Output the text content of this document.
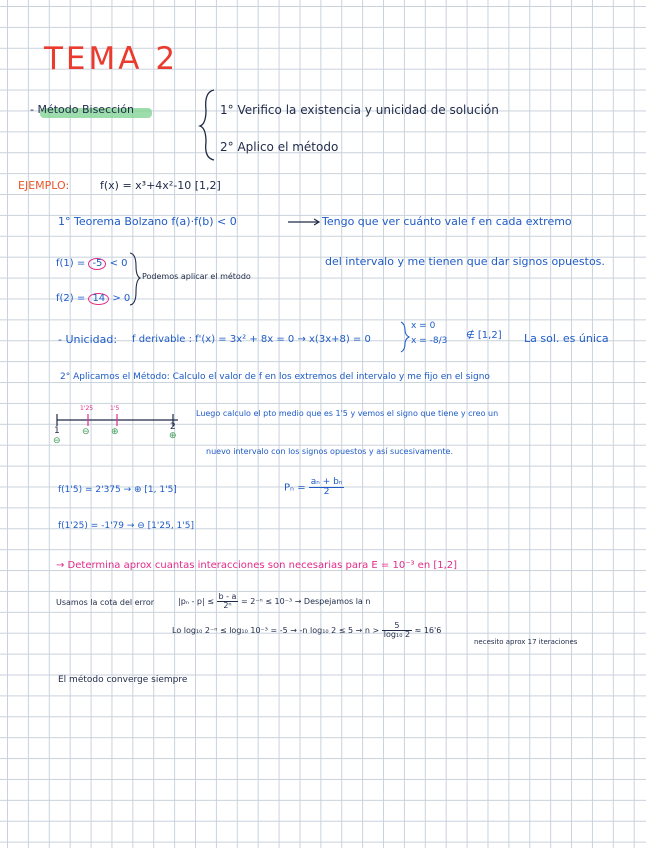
TEMA 2
- Método Bisección	1° Verifico la existencia y unicidad de solución
2° Aplico el método
EJEMPLO:	f(x) = x³+4x²-10 [1,2]
1° Teorema Bolzano f(a)·f(b) < 0	Tengo que ver cuánto vale f en cada extremo
del intervalo y me tienen que dar signos opuestos.
f(1) = -5 < 0
f(2) = 14 > 0
Podemos aplicar el método
- Unicidad: f derivable : f'(x) = 3x² + 8x = 0 → x(3x+8) = 0
x = 0
x = -8/3 ∉ [1,2] La sol. es única
2° Aplicamos el Método: Calculo el valor de f en los extremos del intervalo y me fijo en el signo
1
⊖
1'25
⊖
1'5
⊕	2
⊕
Luego calculo el pto medio que es 1'5 y vemos el signo que tiene y creo un
nuevo intervalo con los signos opuestos y así sucesivamente.
f(1'5) = 2'375 → ⊕ [1, 1'5]	$P_n = \frac{\text{aₙ + bₙ}}{2}$
f(1'25) = -1'79 → ⊖ [1'25, 1'5]
→ Determina aprox cuantas interacciones son necesarias para E = 10⁻³ en [1,2]
Usamos la cota del error	$|p_n - p| \le \frac{b - a}{\text{2ⁿ}} = 2^{-n} \le 10^{-3}$ → Despejamos la n
Lo log₁₀ 2⁻ⁿ ≤ log₁₀ 10⁻³ = -5 → -n log₁₀ $2 \le 5 \to n > \frac{5}{\text{log₁₀ 2}} \approx 16'6$
necesito aprox 17 iteraciones
El método converge siempre
